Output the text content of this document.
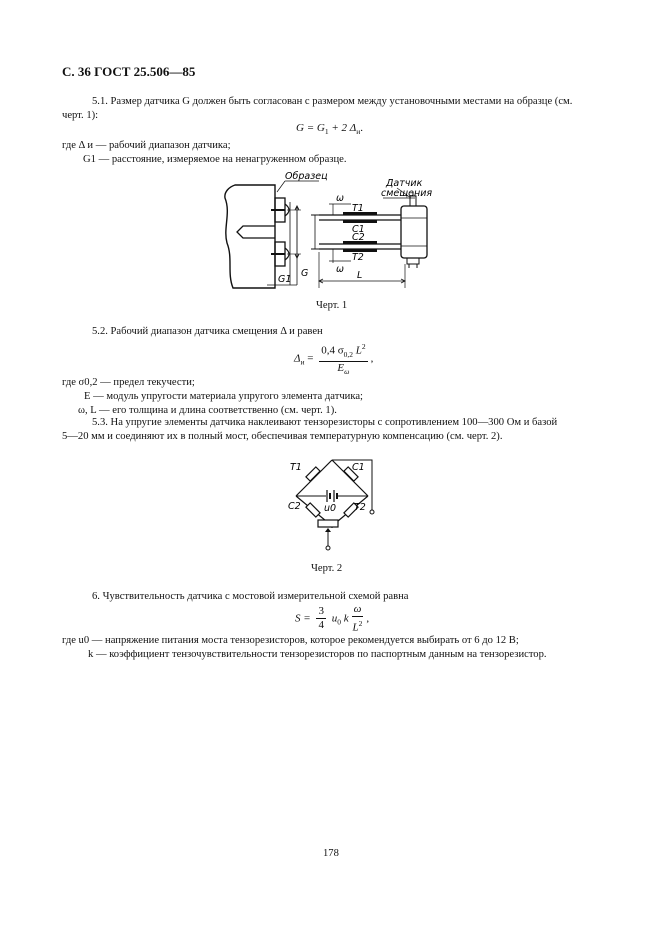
С. 36 ГОСТ 25.506—85
5.1. Размер датчика G должен быть согласован с размером между установочными местами на образце (см.
черт. 1):
$G = G_1 + 2$ $\Delta_и$.
где Δ и — рабочий диапазон датчика;
G1 — расстояние, измеряемое на ненагруженном образце.
Образец
Датчик
смещения
ω
T1
C1
C2
T2
ω
G
G1	L
Черт. 1
5.2. Рабочий диапазон датчика смещения Δ и равен
$\Delta_и = \frac{0,4 \sigma_{0,2} L^2}{E_\omega}$ ,
где σ0,2 — предел текучести;
E — модуль упругости материала упругого элемента датчика;
ω, L — его толщина и длина соответственно (см. черт. 1).
5.3. На упругие элементы датчика наклеивают тензорезисторы с сопротивлением 100—300 Ом и базой
5—20 мм и соединяют их в полный мост, обеспечивая температурную компенсацию (см. черт. 2).
T1	C1
C2	T2
u0
Черт. 2
6. Чувствительность датчика с мостовой измерительной схемой равна
$S = \frac{3}{4} u_0$ k $\frac{\omega}{L^2}$ ,
где u0 — напряжение питания моста тензорезисторов, которое рекомендуется выбирать от 6 до 12 В;
k — коэффициент тензочувствительности тензорезисторов по паспортным данным на тензорезистор.
178
